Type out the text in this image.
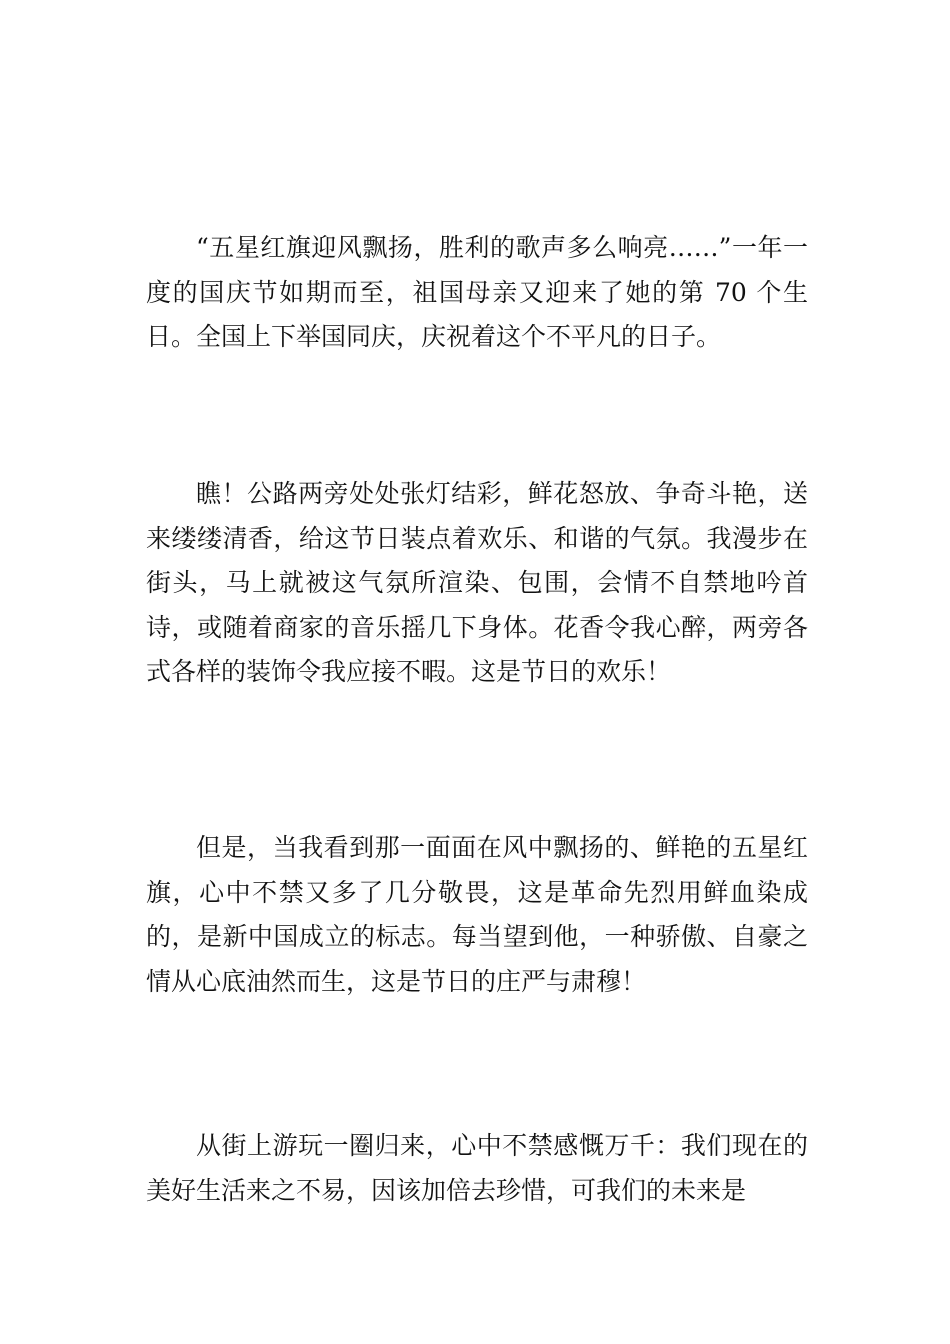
“五星红旗迎风飘扬，胜利的歌声多么响亮……”一年一度的国庆节如期而至，祖国母亲又迎来了她的第 70 个生日。全国上下举国同庆，庆祝着这个不平凡的日子。

瞧！公路两旁处处张灯结彩，鲜花怒放、争奇斗艳，送来缕缕清香，给这节日装点着欢乐、和谐的气氛。我漫步在街头，马上就被这气氛所渲染、包围，会情不自禁地吟首诗，或随着商家的音乐摇几下身体。花香令我心醉，两旁各式各样的装饰令我应接不暇。这是节日的欢乐！

但是，当我看到那一面面在风中飘扬的、鲜艳的五星红旗，心中不禁又多了几分敬畏，这是革命先烈用鲜血染成的，是新中国成立的标志。每当望到他，一种骄傲、自豪之情从心底油然而生，这是节日的庄严与肃穆！

从街上游玩一圈归来，心中不禁感慨万千：我们现在的美好生活来之不易，因该加倍去珍惜，可我们的未来是
